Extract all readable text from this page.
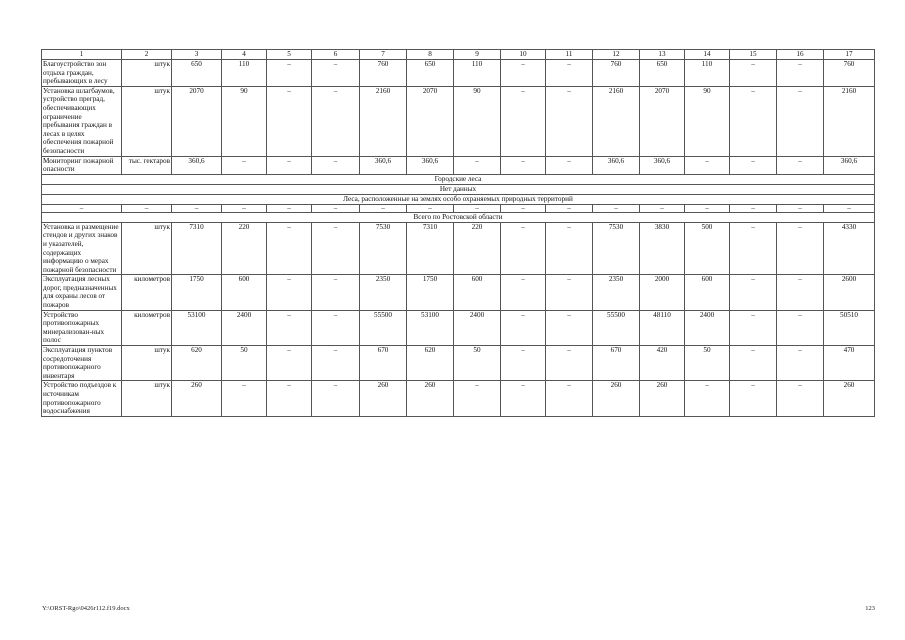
1	2	3	4	5	6	7	8	9	10	11	12	13	14	15	16	17
Благоустройство зон отдыха граждан, пребывающих в лесу	штук	650	110	–	–	760	650	110	–	–	760	650	110	–	–	760
Установка шлагбаумов, устройство преград, обеспечивающих ограничение пребывания граждан в лесах в целях обеспечения пожарной безопасности	штук	2070	90	–	–	2160	2070	90	–	–	2160	2070	90	–	–	2160
Мониторинг пожарной опасности	тыс. гектаров	360,6	–	–	–	360,6	360,6	–	–	–	360,6	360,6	–	–	–	360,6
Городские леса																
Нет данных																
Леса, расположенные на землях особо охраняемых природных территорий																
–	–	–	–	–	–	–	–	–	–	–	–	–	–	–	–	–
Всего по Ростовской области																
Установка и размещение стендов и других знаков и указателей, содержащих информацию о мерах пожарной безопасности	штук	7310	220	–	–	7530	7310	220	–	–	7530	3830	500	–	–	4330
Эксплуатация лесных дорог, предназначенных для охраны лесов от пожаров	километров	1750	600	–	–	2350	1750	600	–	–	2350	2000	600	–	–	2600
Устройство противопожарных минерализован-ных полос	километров	53100	2400	–	–	55500	53100	2400	–	–	55500	48110	2400	–	–	50510
Эксплуатация пунктов сосредоточения противопожарного инвентаря	штук	620	50	–	–	670	620	50	–	–	670	420	50	–	–	470
Устройство подъездов к источникам противопожарного водоснабжения	штук	260	–	–	–	260	260	–	–	–	260	260	–	–	–	260
Y:\ORST-Rgo\0426r112.f19.docx	123
